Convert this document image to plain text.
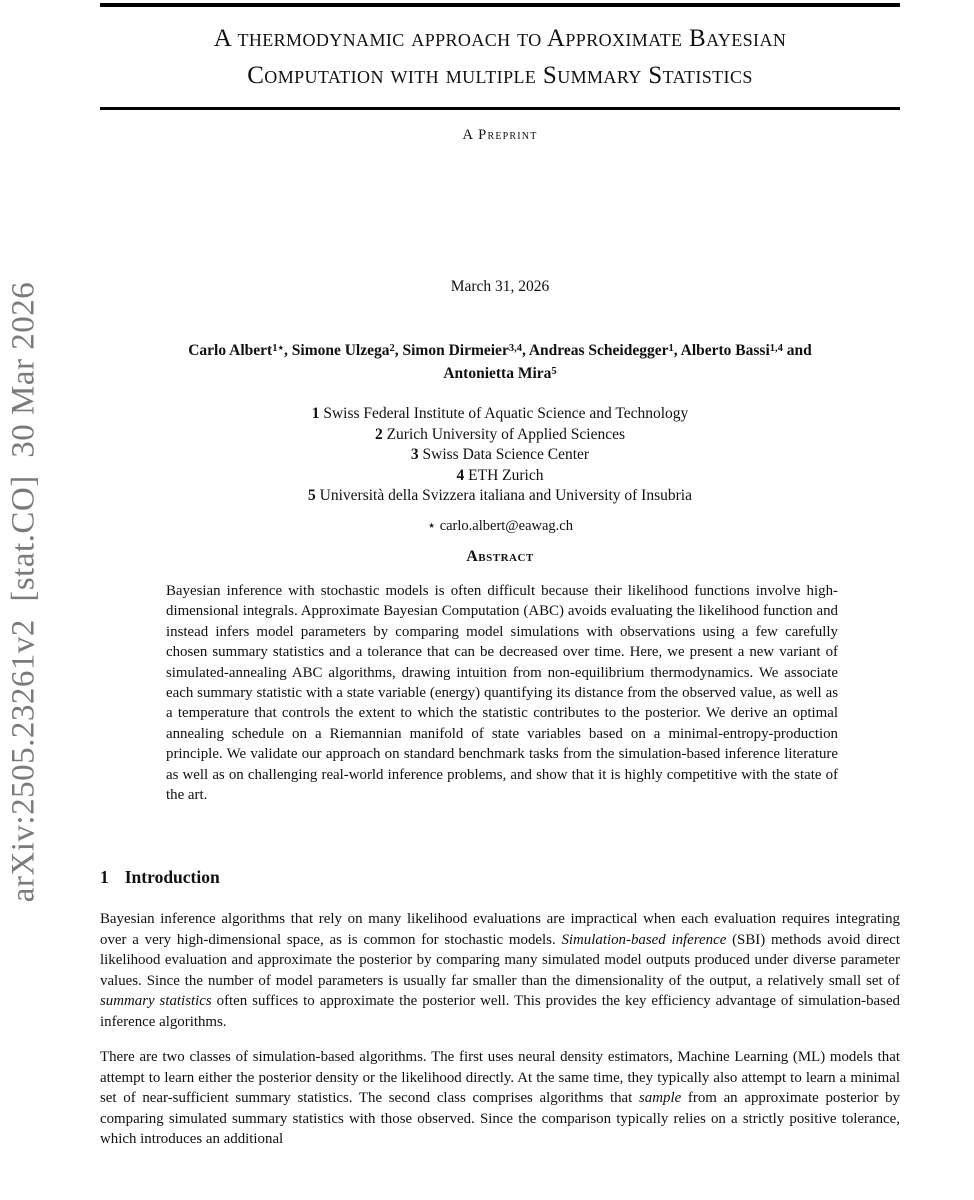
arXiv:2505.23261v2  [stat.CO]  30 Mar 2026
A thermodynamic approach to Approximate Bayesian
Computation with multiple Summary Statistics
A Preprint
March 31, 2026
Carlo Albert$^{1⋆}$, Simone Ulzega$^2$, Simon Dirmeier$^{3,4}$, Andreas Scheidegger$^1$, Alberto Bassi$^{1,4}$ and
Antonietta Mira$^5$
1 Swiss Federal Institute of Aquatic Science and Technology
2 Zurich University of Applied Sciences
3 Swiss Data Science Center
4 ETH Zurich
5 Università della Svizzera italiana and University of Insubria
⋆ carlo.albert@eawag.ch
Abstract
Bayesian inference with stochastic models is often difficult because their likelihood functions involve high-dimensional integrals. Approximate Bayesian Computation (ABC) avoids evaluating the likelihood function and instead infers model parameters by comparing model simulations with observations using a few carefully chosen summary statistics and a tolerance that can be decreased over time. Here, we present a new variant of simulated-annealing ABC algorithms, drawing intuition from non-equilibrium thermodynamics. We associate each summary statistic with a state variable (energy) quantifying its distance from the observed value, as well as a temperature that controls the extent to which the statistic contributes to the posterior. We derive an optimal annealing schedule on a Riemannian manifold of state variables based on a minimal-entropy-production principle. We validate our approach on standard benchmark tasks from the simulation-based inference literature as well as on challenging real-world inference problems, and show that it is highly competitive with the state of the art.
1 Introduction

Bayesian inference algorithms that rely on many likelihood evaluations are impractical when each evaluation requires integrating over a very high-dimensional space, as is common for stochastic models. Simulation-based inference (SBI) methods avoid direct likelihood evaluation and approximate the posterior by comparing many simulated model outputs produced under diverse parameter values. Since the number of model parameters is usually far smaller than the dimensionality of the output, a relatively small set of summary statistics often suffices to approximate the posterior well. This provides the key efficiency advantage of simulation-based inference algorithms.

There are two classes of simulation-based algorithms. The first uses neural density estimators, Machine Learning (ML) models that attempt to learn either the posterior density or the likelihood directly. At the same time, they typically also attempt to learn a minimal set of near-sufficient summary statistics. The second class comprises algorithms that sample from an approximate posterior by comparing simulated summary statistics with those observed. Since the comparison typically relies on a strictly positive tolerance, which introduces an additional
